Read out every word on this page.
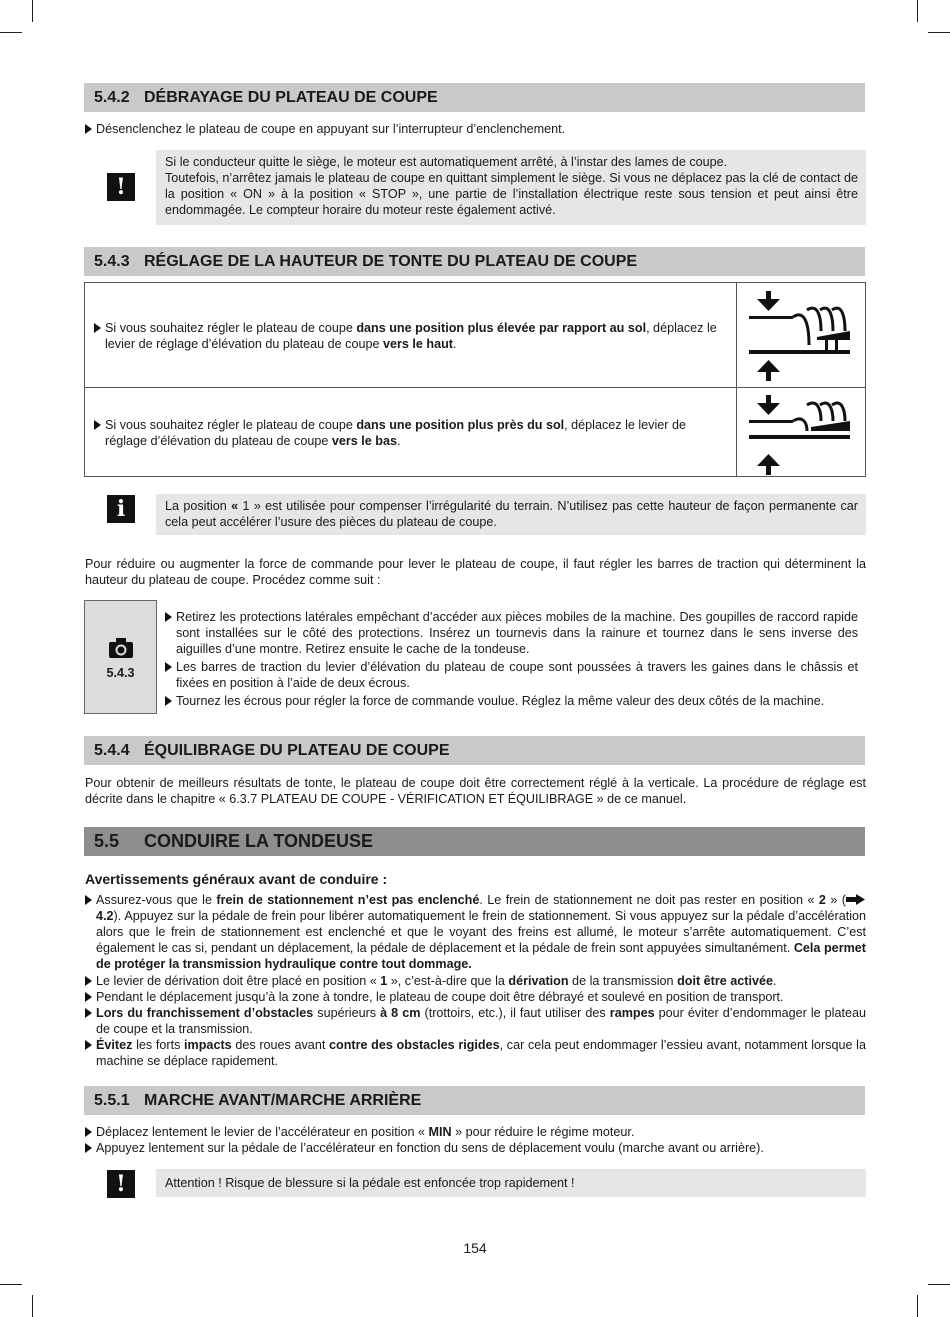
5.4.2 DÉBRAYAGE DU PLATEAU DE COUPE
Désenclenchez le plateau de coupe en appuyant sur l’interrupteur d’enclenchement.
!
Si le conducteur quitte le siège, le moteur est automatiquement arrêté, à l’instar des lames de coupe.
Toutefois, n’arrêtez jamais le plateau de coupe en quittant simplement le siège. Si vous ne déplacez pas la clé de contact de la position « ON » à la position « STOP », une partie de l’installation électrique reste sous tension et peut ainsi être endommagée. Le compteur horaire du moteur reste également activé.
5.4.3 RÉGLAGE DE LA HAUTEUR DE TONTE DU PLATEAU DE COUPE
Si vous souhaitez régler le plateau de coupe dans une position plus élevée par rapport au sol, déplacez le levier de réglage d’élévation du plateau de coupe vers le haut.
Si vous souhaitez régler le plateau de coupe dans une position plus près du sol, déplacez le levier de réglage d’élévation du plateau de coupe vers le bas.
i	La position « 1 » est utilisée pour compenser l’irrégularité du terrain. N’utilisez pas cette hauteur de façon permanente car cela peut accélérer l’usure des pièces du plateau de coupe.
Pour réduire ou augmenter la force de commande pour lever le plateau de coupe, il faut régler les barres de traction qui déterminent la hauteur du plateau de coupe. Procédez comme suit :
5.4.3
Retirez les protections latérales empêchant d’accéder aux pièces mobiles de la machine. Des goupilles de raccord rapide sont installées sur le côté des protections. Insérez un tournevis dans la rainure et tournez dans le sens inverse des aiguilles d’une montre. Retirez ensuite le cache de la tondeuse.
Les barres de traction du levier d’élévation du plateau de coupe sont poussées à travers les gaines dans le châssis et fixées en position à l’aide de deux écrous.
Tournez les écrous pour régler la force de commande voulue. Réglez la même valeur des deux côtés de la machine.
5.4.4 ÉQUILIBRAGE DU PLATEAU DE COUPE
Pour obtenir de meilleurs résultats de tonte, le plateau de coupe doit être correctement réglé à la verticale. La procédure de réglage est décrite dans le chapitre « 6.3.7 PLATEAU DE COUPE - VÉRIFICATION ET ÉQUILIBRAGE » de ce manuel.
5.5 CONDUIRE LA TONDEUSE
Avertissements généraux avant de conduire :
Assurez-vous que le frein de stationnement n’est pas enclenché. Le frein de stationnement ne doit pas rester en position « 2 » ( 4.2). Appuyez sur la pédale de frein pour libérer automatiquement le frein de stationnement. Si vous appuyez sur la pédale d’accélération alors que le frein de stationnement est enclenché et que le voyant des freins est allumé, le moteur s’arrête automatiquement. C’est également le cas si, pendant un déplacement, la pédale de déplacement et la pédale de frein sont appuyées simultanément. Cela permet de protéger la transmission hydraulique contre tout dommage.
Le levier de dérivation doit être placé en position « 1 », c’est-à-dire que la dérivation de la transmission doit être activée.
Pendant le déplacement jusqu’à la zone à tondre, le plateau de coupe doit être débrayé et soulevé en position de transport.
Lors du franchissement d’obstacles supérieurs à 8 cm (trottoirs, etc.), il faut utiliser des rampes pour éviter d’endommager le plateau de coupe et la transmission.
Évitez les forts impacts des roues avant contre des obstacles rigides, car cela peut endommager l’essieu avant, notamment lorsque la machine se déplace rapidement.
5.5.1 MARCHE AVANT/MARCHE ARRIÈRE
Déplacez lentement le levier de l’accélérateur en position « MIN » pour réduire le régime moteur.
Appuyez lentement sur la pédale de l’accélérateur en fonction du sens de déplacement voulu (marche avant ou arrière).
!	Attention ! Risque de blessure si la pédale est enfoncée trop rapidement !
154
